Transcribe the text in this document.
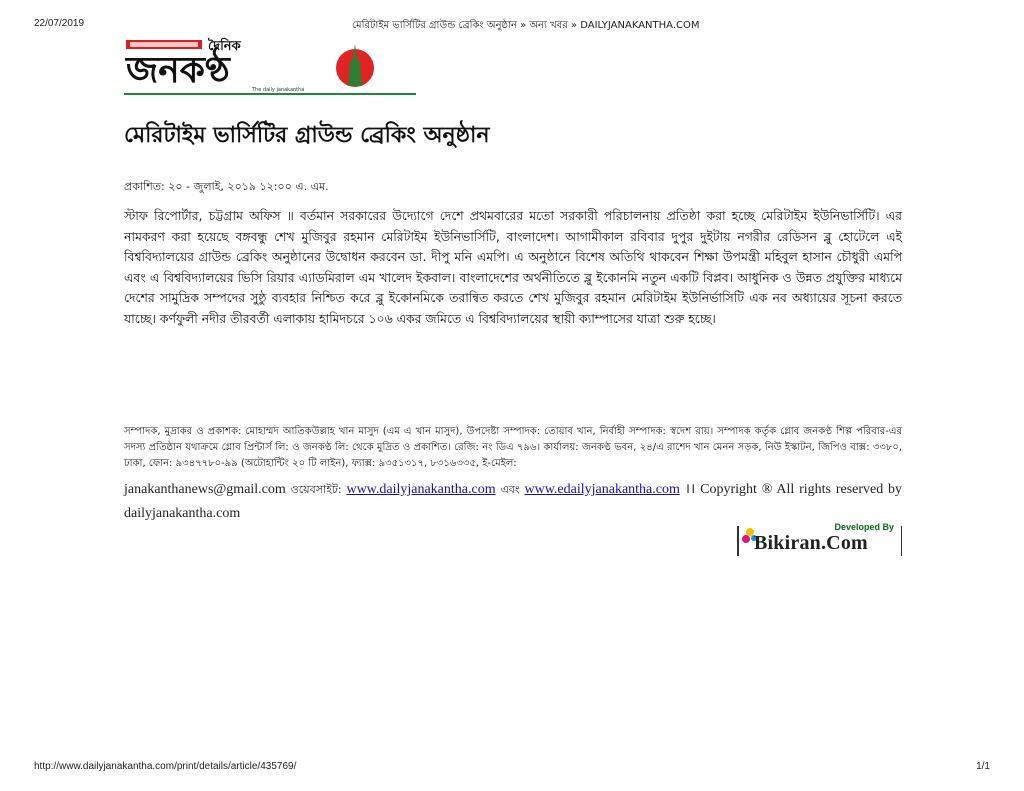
22/07/2019	মেরিটাইম ভার্সিটির গ্রাউন্ড ব্রেকিং অনুষ্ঠান » অন্য খবর » DAILYJANAKANTHA.COM
দৈনিক
জনকণ্ঠ	The daily janakantha
মেরিটাইম ভার্সিটির গ্রাউন্ড ব্রেকিং অনুষ্ঠান
প্রকাশিত: ২০ - জুলাই, ২০১৯ ১২:০০ এ. এম.
স্টাফ রিপোর্টার, চট্টগ্রাম অফিস ॥ বর্তমান সরকারের উদ্যোগে দেশে প্রথমবারের মতো সরকারী পরিচালনায় প্রতিষ্ঠা করা হচ্ছে মেরিটাইম ইউনিভার্সিটি। এর নামকরণ করা হয়েছে বঙ্গবন্ধু শেখ মুজিবুর রহমান মেরিটাইম ইউনিভার্সিটি, বাংলাদেশ। আগামীকাল রবিবার দুপুর দুইটায় নগরীর রেডিসন ব্লু হোটেলে এই বিশ্ববিদ্যালয়ের গ্রাউন্ড ব্রেকিং অনুষ্ঠানের উদ্বোধন করবেন ডা. দীপু মনি এমপি। এ অনুষ্ঠানে বিশেষ অতিথি থাকবেন শিক্ষা উপমন্ত্রী মহিবুল হাসান চৌধুরী এমপি এবং এ বিশ্ববিদ্যালয়ের ভিসি রিয়ার এ্যাডমিরাল এম খালেদ ইকবাল। বাংলাদেশের অর্থনীতিতে ব্লু ইকোনমি নতুন একটি বিপ্লব। আধুনিক ও উন্নত প্রযুক্তির মাধ্যমে দেশের সামুদ্রিক সম্পদের সুষ্ঠু ব্যবহার নিশ্চিত করে ব্লু ইকোনমিকে তরান্বিত করতে শেখ মুজিবুর রহমান মেরিটাইম ইউনির্ভাসিটি এক নব অধ্যায়ের সূচনা করতে যাচ্ছে। কর্ণফুলী নদীর তীরবর্তী এলাকায় হামিদচরে ১০৬ একর জমিতে এ বিশ্ববিদ্যালয়ের স্থায়ী ক্যাম্পাসের যাত্রা শুরু হচ্ছে।
সম্পাদক, মুদ্রাকর ও প্রকাশক: মোহাম্মদ আতিকউল্লাহ খান মাসুদ (এম এ খান মাসুদ), উপদেষ্টা সম্পাদক: তোয়াব খান, নির্বাহী সম্পাদক: স্বদেশ রায়। সম্পাদক কর্তৃক গ্লোব জনকণ্ঠ শিল্প পরিবার-এর সদস্য প্রতিষ্ঠান যথাক্রমে গ্লোব প্রিন্টার্স লি: ও জনকণ্ঠ লি: থেকে মুদ্রিত ও প্রকাশিত। রেজি: নং ডিএ ৭৯৬। কার্যালয়: জনকণ্ঠ ভবন, ২৪/এ রাশেদ খান মেনন সড়ক, নিউ ইস্কাটন, জিপিও বাক্স: ৩৩৮০, ঢাকা, ফোন: ৯৩৪৭৭৮০-৯৯ (অটোহান্টিং ২০ টি লাইন), ফ্যাক্স: ৯৩৫১৩১৭, ৮৩১৬৩৩৫, ই-মেইল:
janakanthanews@gmail.com ওয়েবসাইট: www.dailyjanakantha.com এবং www.edailyjanakantha.com ।। Copyright ® All rights reserved by dailyjanakantha.com
Developed By
Bikiran.Com
http://www.dailyjanakantha.com/print/details/article/435769/	1/1
